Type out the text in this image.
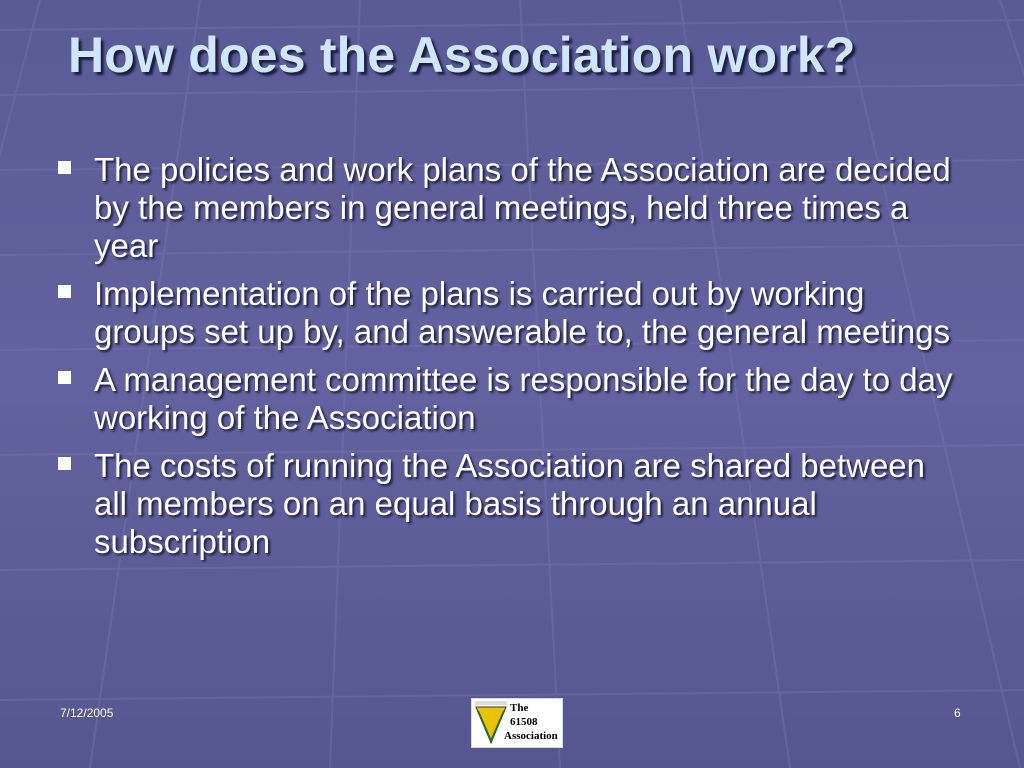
How does the Association work?
The policies and work plans of the Association are decided by the members in general meetings, held three times a year
Implementation of the plans is carried out by working groups set up by, and answerable to, the general meetings
A management committee is responsible for the day to day working of the Association
The costs of running the Association are shared between all members on an equal basis through an annual subscription
7/12/2005	The
61508
Association
6
